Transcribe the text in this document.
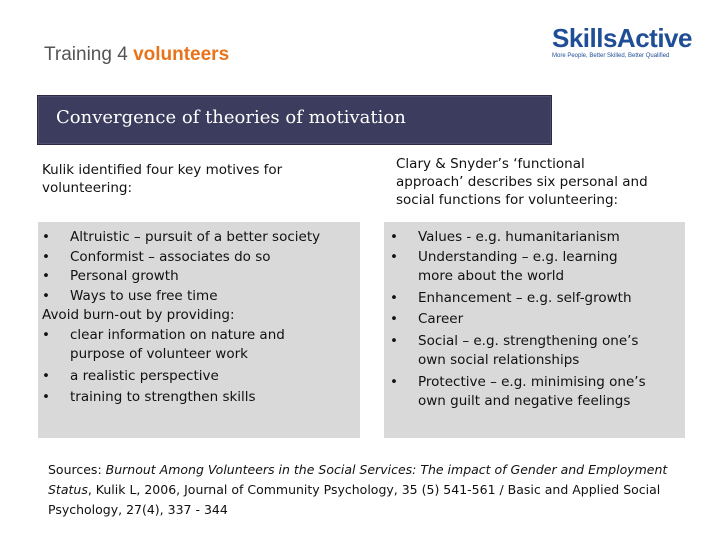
Training 4 volunteers
SkillsActive
More People, Better Skilled, Better Qualified
Convergence of theories of motivation
Kulik identified four key motives for
volunteering:
Clary & Snyder’s ‘functional
approach’ describes six personal and
social functions for volunteering:
• Altruistic – pursuit of a better society
• Conformist – associates do so
• Personal growth
• Ways to use free time
Avoid burn-out by providing:
• clear information on nature and
purpose of volunteer work
• a realistic perspective
• training to strengthen skills
• Values - e.g. humanitarianism
• Understanding – e.g. learning
more about the world
• Enhancement – e.g. self-growth
• Career
• Social – e.g. strengthening one’s
own social relationships
• Protective – e.g. minimising one’s
own guilt and negative feelings
Sources: Burnout Among Volunteers in the Social Services: The impact of Gender and Employment Status, Kulik L, 2006, Journal of Community Psychology, 35 (5) 541-561 / Basic and Applied Social Psychology, 27(4), 337 - 344
